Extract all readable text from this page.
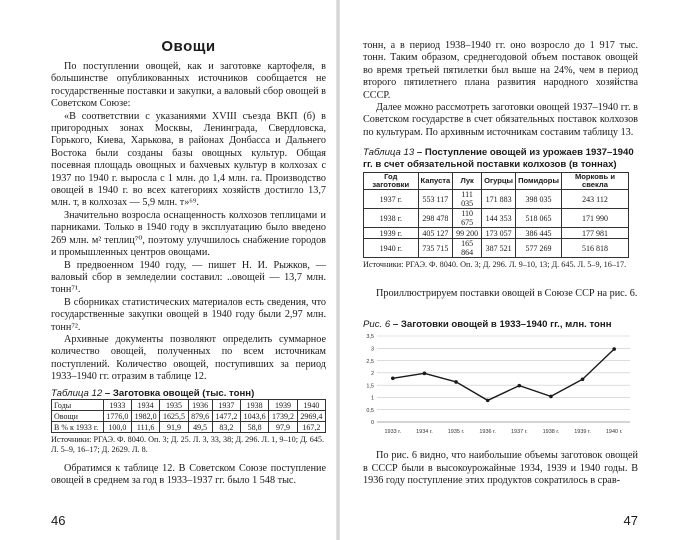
Овощи

По поступлении овощей, как и заготовке картофеля, в большинстве опубликованных источников сообщается не государственные поставки и закупки, а валовый сбор овощей в Советском Союзе:

«В соответствии с указаниями XVIII съезда ВКП (б) в пригородных зонах Москвы, Ленинграда, Свердловска, Горького, Киева, Харькова, в районах Донбасса и Дальнего Востока были созданы базы овощных культур. Общая посевная площадь овощных и бахчевых культур в колхозах с 1937 по 1940 г. выросла с 1 млн. до 1,4 млн. га. Производство овощей в 1940 г. во всех категориях хозяйств достигло 13,7 млн. т, в колхозах — 5,9 млн. т»⁶⁹.

Значительно возросла оснащенность колхозов теплицами и парниками. Только в 1940 году в эксплуатацию было введено 269 млн. м² теплиц⁷⁰, поэтому улучшилось снабжение городов и промышленных центров овощами.

В предвоенном 1940 году, — пишет Н. И. Рыжков, — валовый сбор в земледелии составил: ..овощей — 13,7 млн. тонн⁷¹.

В сборниках статистических материалов есть сведения, что государственные закупки овощей в 1940 году были 2,97 млн. тонн⁷².

Архивные документы позволяют определить суммарное количество овощей, полученных по всем источникам поступлений. Количество овощей, поступивших за период 1933–1940 гг. отразим в таблице 12.

Таблица 12 – Заготовка овощей (тыс. тонн)
Годы	1933	1934	1935	1936	1937	1938	1939	1940
Овощи	1776,0	1982,0	1625,5	879,6	1477,2	1043,6	1739,2	2969,4
В % к 1933 г.	100,0	111,6	91,9	49,5	83,2	58,8	97,9	167,2
Источники: РГАЭ. Ф. 8040. Оп. 3; Д. 25. Л. 3, 33, 38; Д. 296. Л. 1, 9–10; Д. 645. Л. 5–9, 16–17; Д. 2629. Л. 8.

Обратимся к таблице 12. В Советском Союзе поступление овощей в среднем за год в 1933–1937 гг. было 1 548 тыс.

46

тонн, а в период 1938–1940 гг. оно возросло до 1 917 тыс. тонн. Таким образом, среднегодовой объем поставок овощей во время третьей пятилетки был выше на 24%, чем в период второго пятилетнего плана развития народного хозяйства СССР.

Далее можно рассмотреть заготовки овощей 1937–1940 гг. в Советском государстве в счет обязательных поставок колхозов по культурам. По архивным источникам составим таблицу 13.

Таблица 13 – Поступление овощей из урожаев 1937–1940 гг. в счет обязательной поставки колхозов (в тоннах)
Год заготовки	Капуста	Лук	Огурцы	Помидоры	Морковь и свекла
1937 г.	553 117	111 035	171 883	398 035	243 112
1938 г.	298 478	110 675	144 353	518 065	171 990
1939 г.	405 127	99 200	173 057	386 445	177 981
1940 г.	735 715	165 864	387 521	577 269	516 818
Источники: РГАЭ. Ф. 8040. Оп. 3; Д. 296. Л. 9–10, 13; Д. 645. Л. 5–9, 16–17.

Проиллюстрируем поставки овощей в Союзе ССР на рис. 6.

Рис. 6 – Заготовки овощей в 1933–1940 гг., млн. тонн
0
0,5
1
1,5
2
2,5
3
3,5
1933 г.	1934 г.	1935 г.	1936 г.	1937 г.	1938 г.	1939 г.	1940 г.

По рис. 6 видно, что наибольшие объемы заготовок овощей в СССР были в высокоурожайные 1934, 1939 и 1940 годы. В 1936 году поступление этих продуктов сократилось в срав-

47
